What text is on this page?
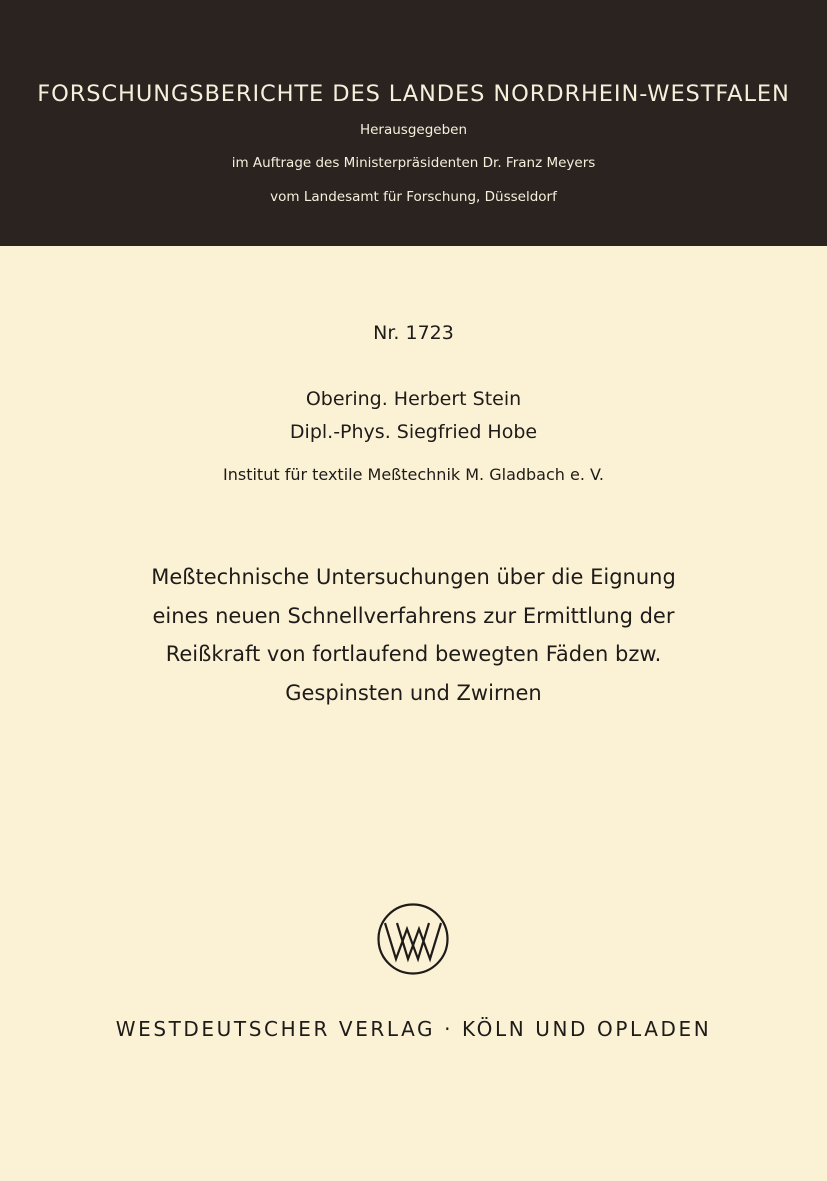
FORSCHUNGSBERICHTE DES LANDES NORDRHEIN-WESTFALEN
Herausgegeben
im Auftrage des Ministerpräsidenten Dr. Franz Meyers
vom Landesamt für Forschung, Düsseldorf
Nr. 1723
Obering. Herbert Stein
Dipl.-Phys. Siegfried Hobe
Institut für textile Meßtechnik M. Gladbach e. V.
Meßtechnische Untersuchungen über die Eignung
eines neuen Schnellverfahrens zur Ermittlung der
Reißkraft von fortlaufend bewegten Fäden bzw.
Gespinsten und Zwirnen
WESTDEUTSCHER VERLAG · KÖLN UND OPLADEN
